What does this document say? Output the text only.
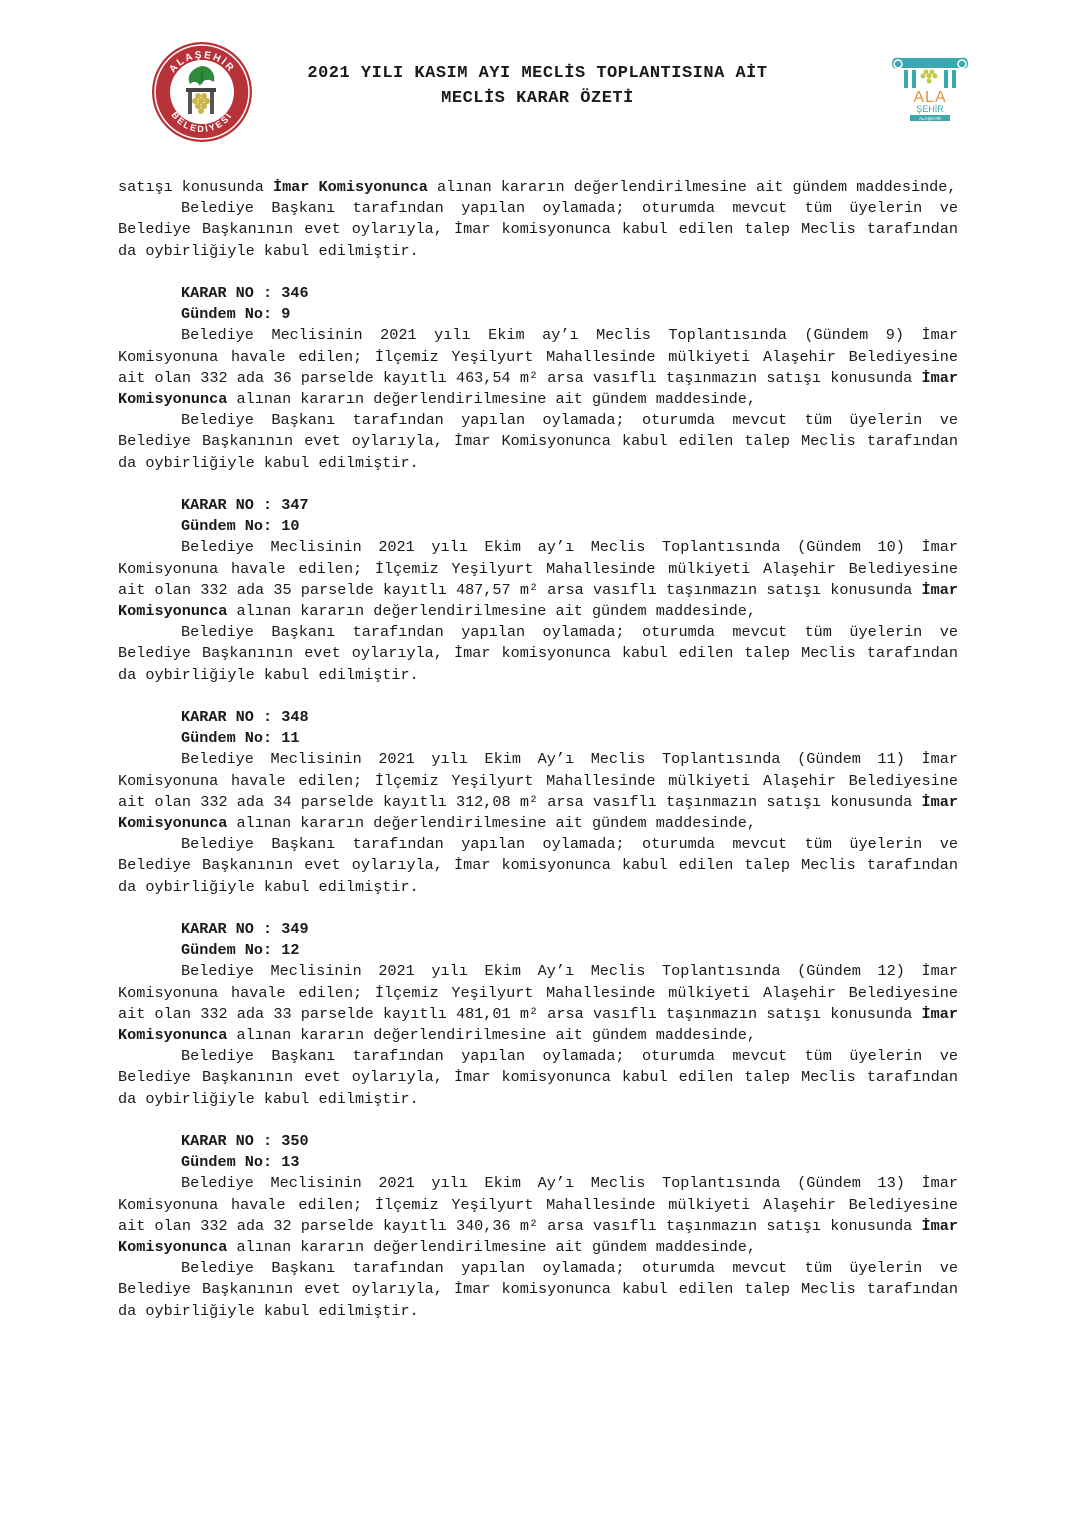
ALAŞEHİR
BELEDİYESİ
2021 YILI KASIM AYI MECLİS TOPLANTISINA AİT
MECLİS KARAR ÖZETİ	ALA
ŞEHİR
ALAŞEHİR

satışı konusunda İmar Komisyonunca alınan kararın değerlendirilmesine ait gündem maddesinde,

Belediye Başkanı tarafından yapılan oylamada; oturumda mevcut tüm üyelerin ve Belediye Başkanının evet oylarıyla, İmar komisyonunca kabul edilen talep Meclis tarafından da oybirliğiyle kabul edilmiştir.

KARAR NO : 346
Gündem No: 9

Belediye Meclisinin 2021 yılı Ekim ay’ı Meclis Toplantısında (Gündem 9) İmar Komisyonuna havale edilen; İlçemiz Yeşilyurt Mahallesinde mülkiyeti Alaşehir Belediyesine ait olan 332 ada 36 parselde kayıtlı 463,54 m² arsa vasıflı taşınmazın satışı konusunda İmar Komisyonunca alınan kararın değerlendirilmesine ait gündem maddesinde,

Belediye Başkanı tarafından yapılan oylamada; oturumda mevcut tüm üyelerin ve Belediye Başkanının evet oylarıyla, İmar Komisyonunca kabul edilen talep Meclis tarafından da oybirliğiyle kabul edilmiştir.

KARAR NO : 347
Gündem No: 10

Belediye Meclisinin 2021 yılı Ekim ay’ı Meclis Toplantısında (Gündem 10) İmar Komisyonuna havale edilen; İlçemiz Yeşilyurt Mahallesinde mülkiyeti Alaşehir Belediyesine ait olan 332 ada 35 parselde kayıtlı 487,57 m² arsa vasıflı taşınmazın satışı konusunda İmar Komisyonunca alınan kararın değerlendirilmesine ait gündem maddesinde,

Belediye Başkanı tarafından yapılan oylamada; oturumda mevcut tüm üyelerin ve Belediye Başkanının evet oylarıyla, İmar komisyonunca kabul edilen talep Meclis tarafından da oybirliğiyle kabul edilmiştir.

KARAR NO : 348
Gündem No: 11

Belediye Meclisinin 2021 yılı Ekim Ay’ı Meclis Toplantısında (Gündem 11) İmar Komisyonuna havale edilen; İlçemiz Yeşilyurt Mahallesinde mülkiyeti Alaşehir Belediyesine ait olan 332 ada 34 parselde kayıtlı 312,08 m² arsa vasıflı taşınmazın satışı konusunda İmar Komisyonunca alınan kararın değerlendirilmesine ait gündem maddesinde,

Belediye Başkanı tarafından yapılan oylamada; oturumda mevcut tüm üyelerin ve Belediye Başkanının evet oylarıyla, İmar komisyonunca kabul edilen talep Meclis tarafından da oybirliğiyle kabul edilmiştir.

KARAR NO : 349
Gündem No: 12

Belediye Meclisinin 2021 yılı Ekim Ay’ı Meclis Toplantısında (Gündem 12) İmar Komisyonuna havale edilen; İlçemiz Yeşilyurt Mahallesinde mülkiyeti Alaşehir Belediyesine ait olan 332 ada 33 parselde kayıtlı 481,01 m² arsa vasıflı taşınmazın satışı konusunda İmar Komisyonunca alınan kararın değerlendirilmesine ait gündem maddesinde,

Belediye Başkanı tarafından yapılan oylamada; oturumda mevcut tüm üyelerin ve Belediye Başkanının evet oylarıyla, İmar komisyonunca kabul edilen talep Meclis tarafından da oybirliğiyle kabul edilmiştir.

KARAR NO : 350
Gündem No: 13

Belediye Meclisinin 2021 yılı Ekim Ay’ı Meclis Toplantısında (Gündem 13) İmar Komisyonuna havale edilen; İlçemiz Yeşilyurt Mahallesinde mülkiyeti Alaşehir Belediyesine ait olan 332 ada 32 parselde kayıtlı 340,36 m² arsa vasıflı taşınmazın satışı konusunda İmar Komisyonunca alınan kararın değerlendirilmesine ait gündem maddesinde,

Belediye Başkanı tarafından yapılan oylamada; oturumda mevcut tüm üyelerin ve Belediye Başkanının evet oylarıyla, İmar komisyonunca kabul edilen talep Meclis tarafından da oybirliğiyle kabul edilmiştir.
